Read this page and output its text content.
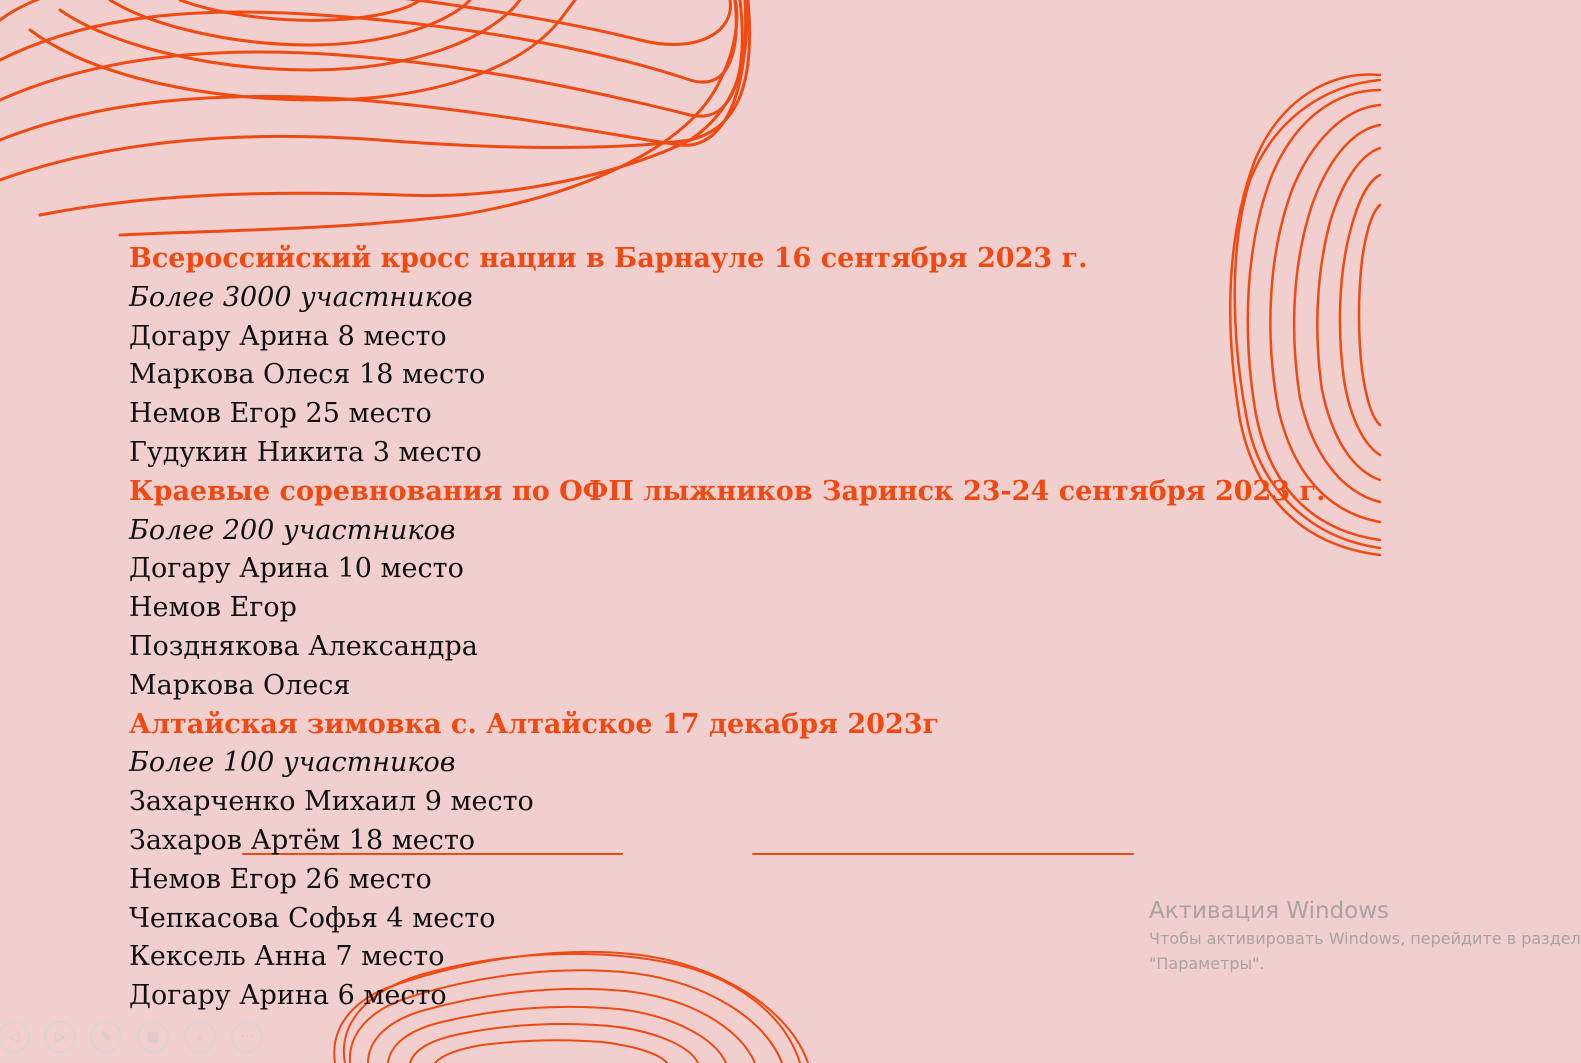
Всероссийский кросс нации в Барнауле 16 сентября 2023 г.
Более 3000 участников
Догару Арина 8 место
Маркова Олеся 18 место
Немов Егор 25 место
Гудукин Никита 3 место
Краевые соревнования по ОФП лыжников Заринск 23-24 сентября 2023 г.
Более 200 участников
Догару Арина 10 место
Немов Егор
Позднякова Александра
Маркова Олеся
Алтайская зимовка с. Алтайское 17 декабря 2023г
Более 100 участников
Захарченко Михаил 9 место
Захаров Артём 18 место
Немов Егор 26 место
Чепкасова Софья 4 место
Кексель Анна 7 место
Догару Арина 6 место
Активация Windows
Чтобы активировать Windows, перейдите в раздел
"Параметры".
◁	▷ ✎ ▦	⌕	···
